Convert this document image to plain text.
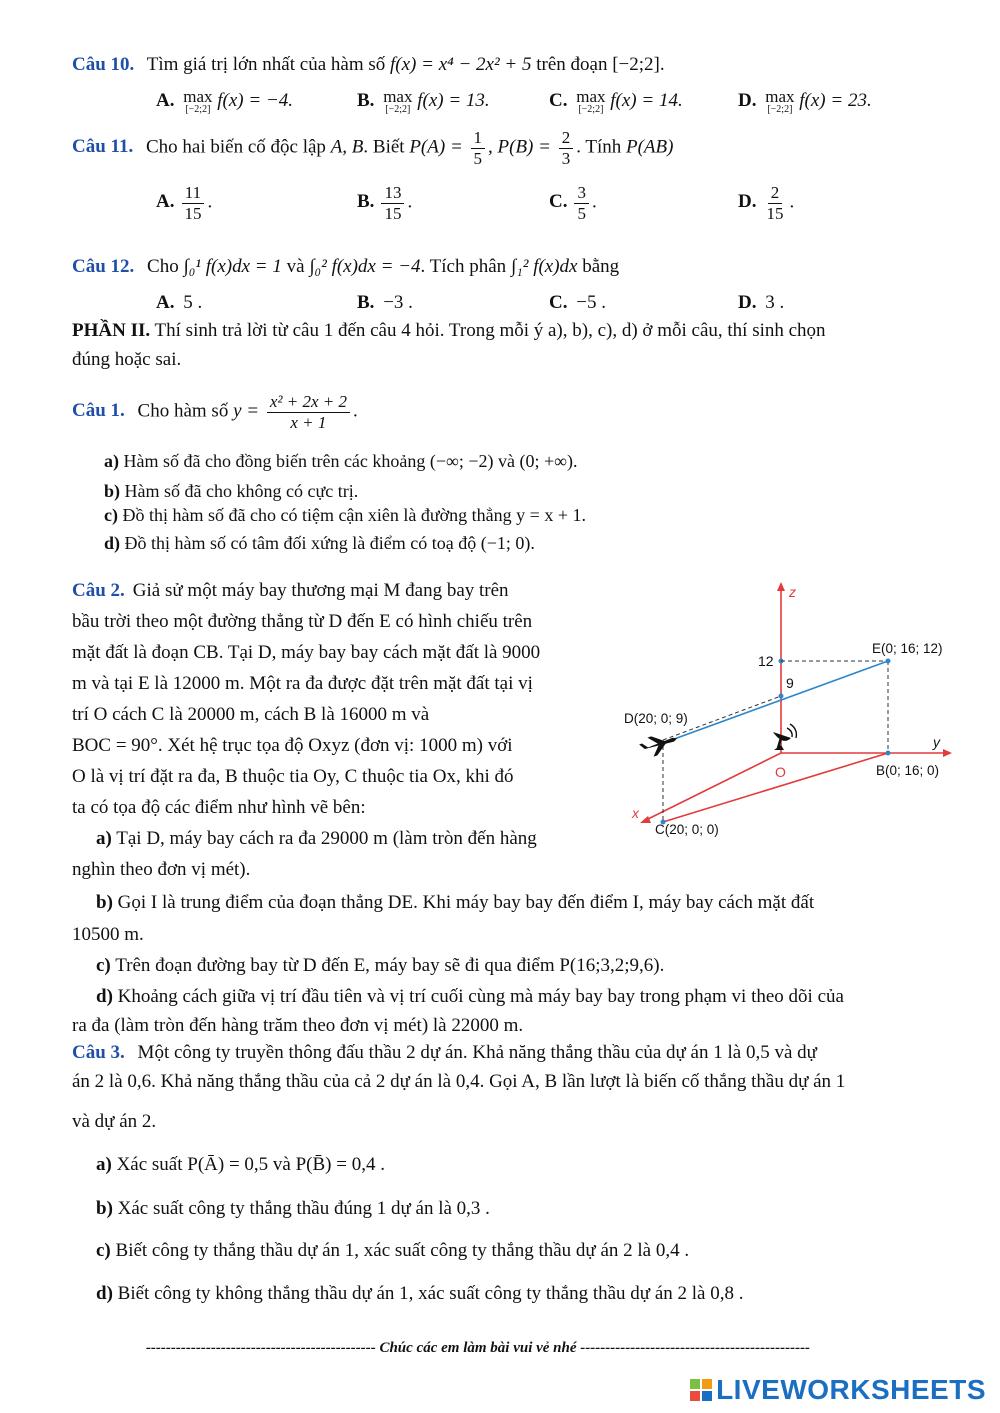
Câu 10. Tìm giá trị lớn nhất của hàm số f(x) = x⁴ − 2x² + 5 trên đoạn [−2;2].
A. max
[−2;2] f(x) = −4.	B. max
[−2;2] f(x) = 13.	C. max
[−2;2] f(x) = 14.	D. max
[−2;2] f(x) = 23.
Câu 11. Cho hai biến cố độc lập A, B. Biết $P(A) = \frac{1}{5}$ , $P(B) = \frac{2}{3}$ . Tính P(AB)
A. $\frac{11}{15}$ .	B. $\frac{13}{15}$ .	C. $\frac{3}{5}$ .	D. $\frac{2}{15}$ .
Câu 12. Cho ∫₀¹ f(x)dx = 1 và ∫₀² f(x)dx = −4. Tích phân ∫₁² f(x)dx bằng
A. 5 .	B. −3 .	C. −5 .	D. 3 .
PHẦN II. Thí sinh trả lời từ câu 1 đến câu 4 hỏi. Trong mỗi ý a), b), c), d) ở mỗi câu, thí sinh chọn
đúng hoặc sai.
Câu 1. Cho hàm số $y = \frac{\text{x² + 2x + 2}}{x + 1}$ .
a) Hàm số đã cho đồng biến trên các khoảng (−∞; −2) và (0; +∞).
b) Hàm số đã cho không có cực trị.
c) Đồ thị hàm số đã cho có tiệm cận xiên là đường thẳng y = x + 1.
d) Đồ thị hàm số có tâm đối xứng là điểm có toạ độ (−1; 0).
Câu 2. Giả sử một máy bay thương mại M đang bay trên
bầu trời theo một đường thẳng từ D đến E có hình chiếu trên
mặt đất là đoạn CB. Tại D, máy bay bay cách mặt đất là 9000
m và tại E là 12000 m. Một ra đa được đặt trên mặt đất tại vị
trí O cách C là 20000 m, cách B là 16000 m và
BOC = 90°. Xét hệ trục tọa độ Oxyz (đơn vị: 1000 m) với
O là vị trí đặt ra đa, B thuộc tia Oy, C thuộc tia Ox, khi đó
ta có tọa độ các điểm như hình vẽ bên:
a) Tại D, máy bay cách ra đa 29000 m (làm tròn đến hàng
nghìn theo đơn vị mét).
z
y
x
O
12
9
E(0; 16; 12)
D(20; 0; 9)
B(0; 16; 0)
C(20; 0; 0)
b) Gọi I là trung điểm của đoạn thẳng DE. Khi máy bay bay đến điểm I, máy bay cách mặt đất
10500 m.
c) Trên đoạn đường bay từ D đến E, máy bay sẽ đi qua điểm P(16;3,2;9,6).
d) Khoảng cách giữa vị trí đầu tiên và vị trí cuối cùng mà máy bay bay trong phạm vi theo dõi của
ra đa (làm tròn đến hàng trăm theo đơn vị mét) là 22000 m.
Câu 3. Một công ty truyền thông đấu thầu 2 dự án. Khả năng thắng thầu của dự án 1 là 0,5 và dự
án 2 là 0,6. Khả năng thắng thầu của cả 2 dự án là 0,4. Gọi A, B lần lượt là biến cố thắng thầu dự án 1
và dự án 2.
a) Xác suất P(Ā) = 0,5 và P(B̄) = 0,4 .
b) Xác suất công ty thắng thầu đúng 1 dự án là 0,3 .
c) Biết công ty thắng thầu dự án 1, xác suất công ty thắng thầu dự án 2 là 0,4 .
d) Biết công ty không thắng thầu dự án 1, xác suất công ty thắng thầu dự án 2 là 0,8 .
---------------------------------------------- Chúc các em làm bài vui vẻ nhé ----------------------------------------------
LIVEWORKSHEETS
